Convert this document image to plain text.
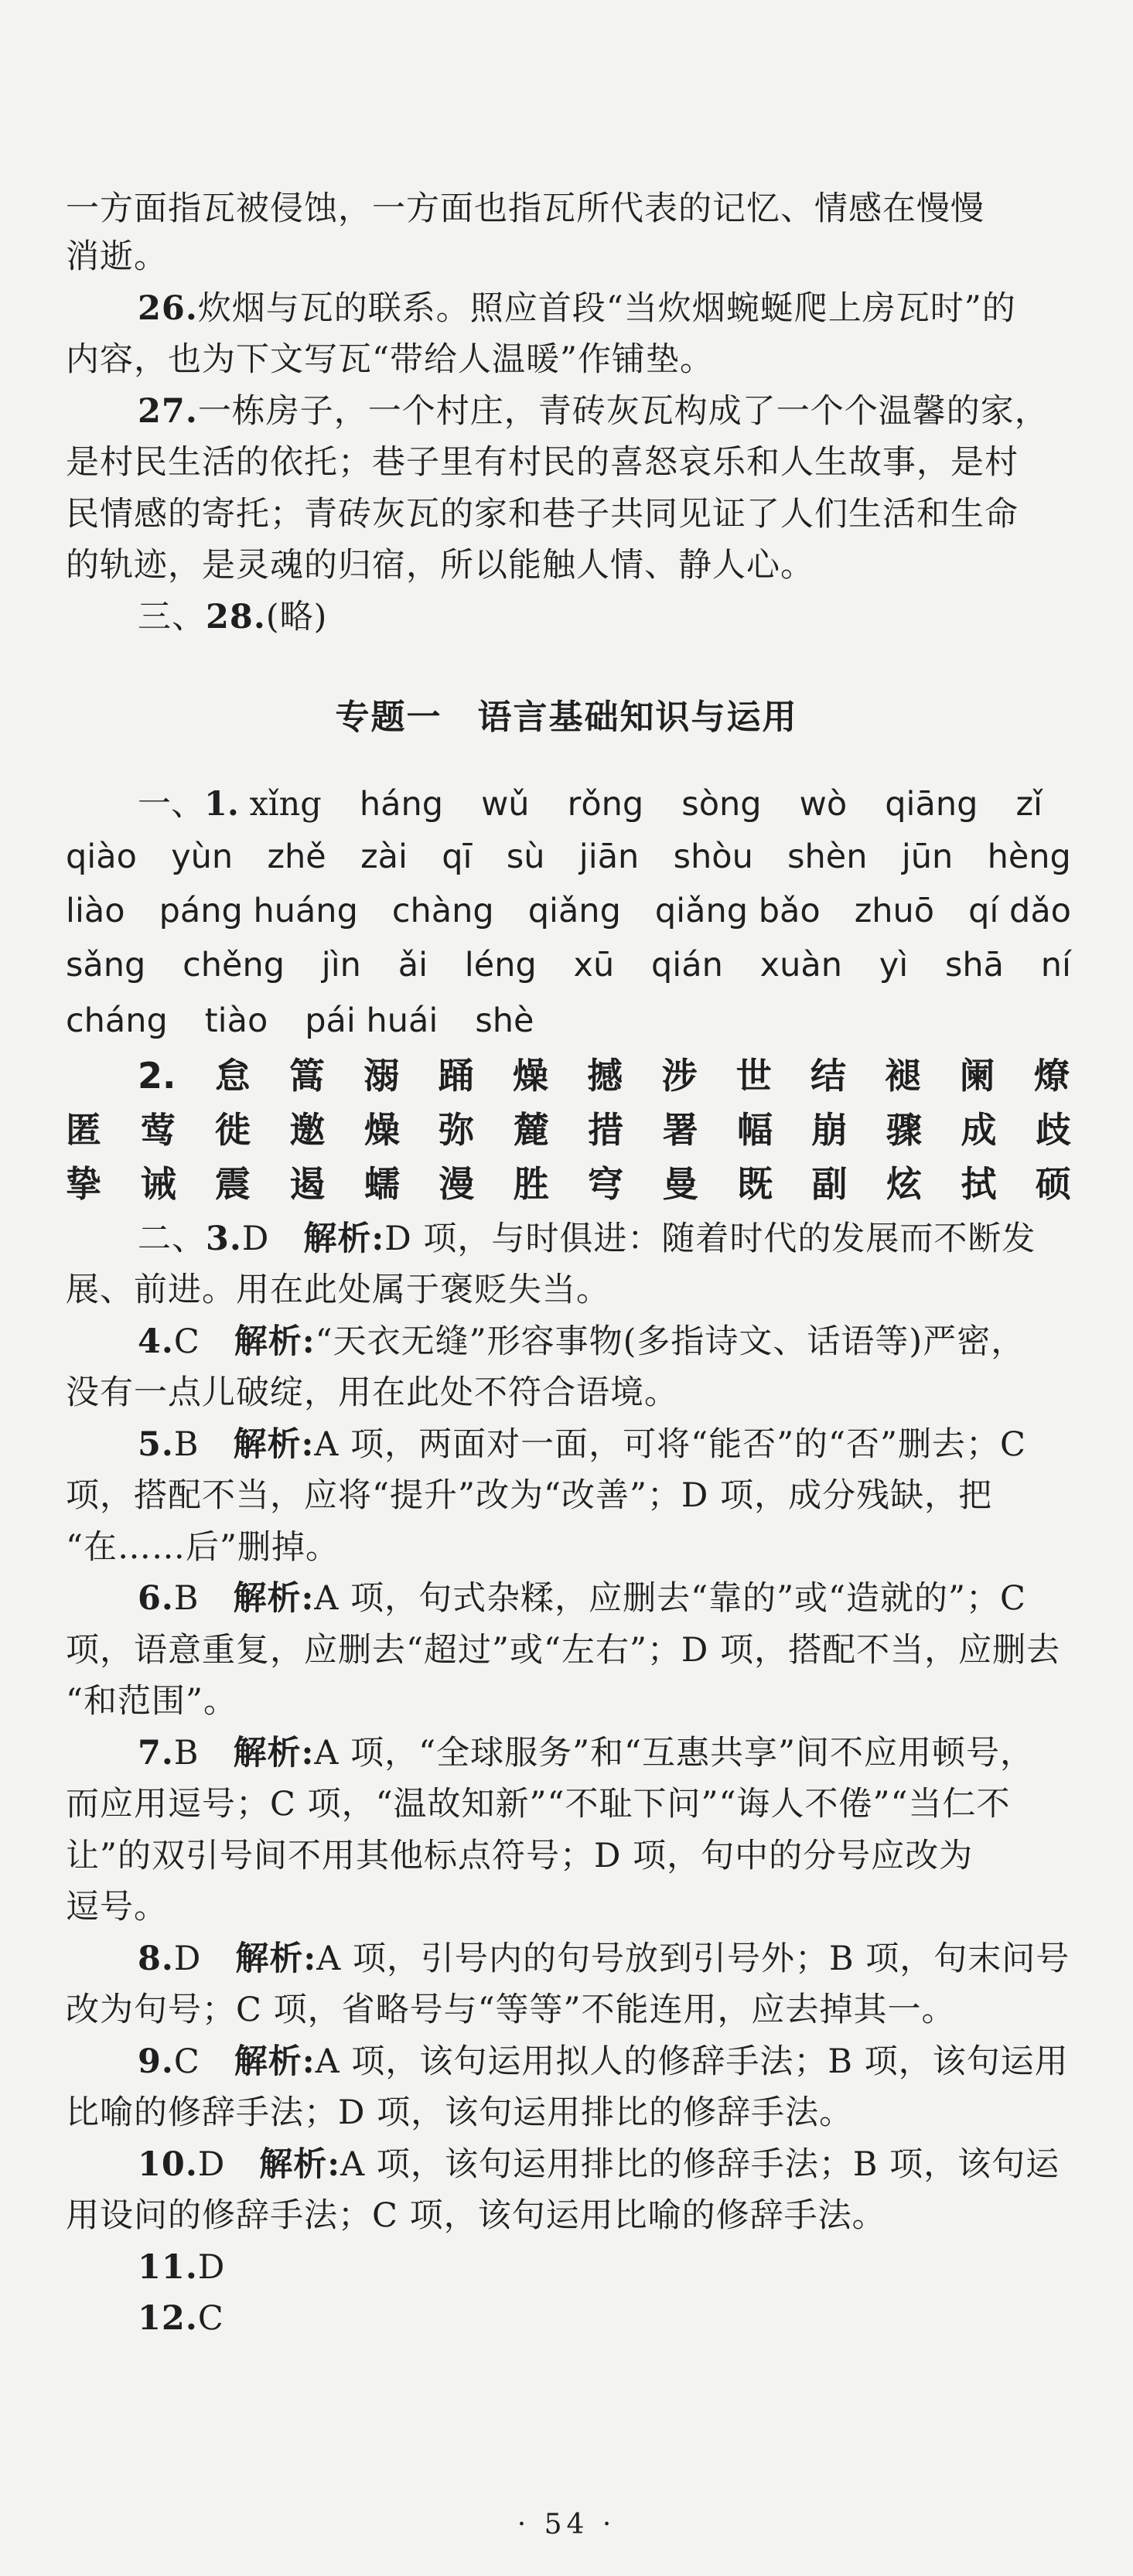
一方面指瓦被侵蚀，一方面也指瓦所代表的记忆、情感在慢慢
消逝。
26.炊烟与瓦的联系。照应首段“当炊烟蜿蜒爬上房瓦时”的
内容，也为下文写瓦“带给人温暖”作铺垫。
27.一栋房子，一个村庄，青砖灰瓦构成了一个个温馨的家，
是村民生活的依托；巷子里有村民的喜怒哀乐和人生故事，是村
民情感的寄托；青砖灰瓦的家和巷子共同见证了人们生活和生命
的轨迹，是灵魂的归宿，所以能触人情、静人心。
三、28.(略)
专题一　语言基础知识与运用
一、1. xǐng háng wǔ rǒng sòng wò qiāng zǐ
qiào yùn zhě zài qī sù jiān shòu shèn jūn hèng
liào páng huáng chàng qiǎng qiǎng bǎo zhuō qí dǎo
sǎng chěng jìn ǎi léng xū qián xuàn yì shā ní
cháng tiào pái huái shè
2. 怠 篙 溺 踊 燥 撼 涉 世 结 褪 阑 燎
匿 莺 徙 邀 燥 弥 麓 措 署 幅 崩 骤 成 歧
挚 诫 震 遏 蠕 漫 胜 穹 曼 既 副 炫 拭 硕
二、3.D　 解析:D 项，与时俱进：随着时代的发展而不断发
展、前进。用在此处属于褒贬失当。
4.C　 解析:“天衣无缝”形容事物(多指诗文、话语等)严密，
没有一点儿破绽，用在此处不符合语境。
5.B　 解析:A 项，两面对一面，可将“能否”的“否”删去；C
项，搭配不当，应将“提升”改为“改善”；D 项，成分残缺，把
“在……后”删掉。
6.B　 解析:A 项，句式杂糅，应删去“靠的”或“造就的”；C
项，语意重复，应删去“超过”或“左右”；D 项，搭配不当，应删去
“和范围”。
7.B　 解析:A 项，“全球服务”和“互惠共享”间不应用顿号，
而应用逗号；C 项，“温故知新”“不耻下问”“诲人不倦”“当仁不
让”的双引号间不用其他标点符号；D 项，句中的分号应改为
逗号。
8.D　 解析:A 项，引号内的句号放到引号外；B 项，句末问号
改为句号；C 项，省略号与“等等”不能连用，应去掉其一。
9.C　 解析:A 项，该句运用拟人的修辞手法；B 项，该句运用
比喻的修辞手法；D 项，该句运用排比的修辞手法。
10.D　 解析:A 项，该句运用排比的修辞手法；B 项，该句运
用设问的修辞手法；C 项，该句运用比喻的修辞手法。
11.D
12.C
· 54 ·
